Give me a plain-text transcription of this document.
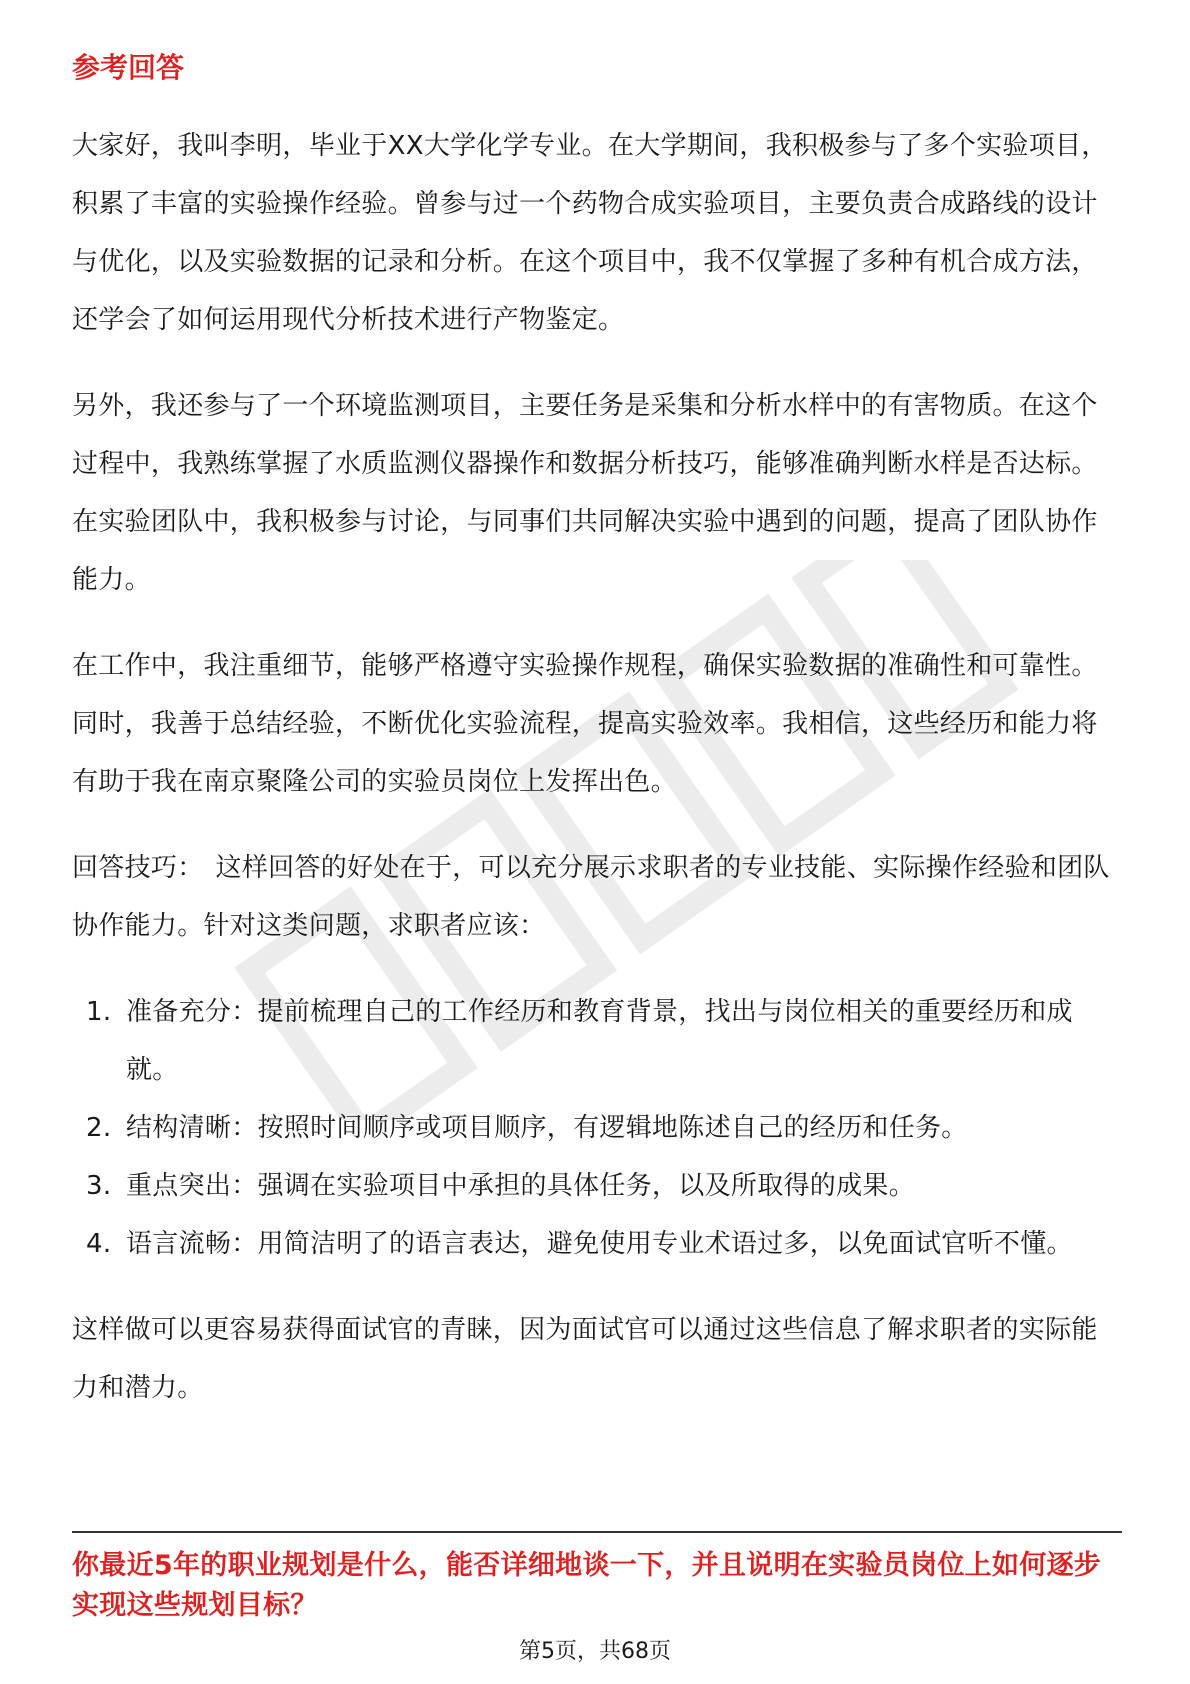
参考回答

大家好，我叫李明，毕业于XX大学化学专业。在大学期间，我积极参与了多个实验项目，积累了丰富的实验操作经验。曾参与过一个药物合成实验项目，主要负责合成路线的设计与优化，以及实验数据的记录和分析。在这个项目中，我不仅掌握了多种有机合成方法，还学会了如何运用现代分析技术进行产物鉴定。

另外，我还参与了一个环境监测项目，主要任务是采集和分析水样中的有害物质。在这个过程中，我熟练掌握了水质监测仪器操作和数据分析技巧，能够准确判断水样是否达标。在实验团队中，我积极参与讨论，与同事们共同解决实验中遇到的问题，提高了团队协作能力。

在工作中，我注重细节，能够严格遵守实验操作规程，确保实验数据的准确性和可靠性。同时，我善于总结经验，不断优化实验流程，提高实验效率。我相信，这些经历和能力将有助于我在南京聚隆公司的实验员岗位上发挥出色。

回答技巧： 这样回答的好处在于，可以充分展示求职者的专业技能、实际操作经验和团队协作能力。针对这类问题，求职者应该：

1. 准备充分：提前梳理自己的工作经历和教育背景，找出与岗位相关的重要经历和成就。
2. 结构清晰：按照时间顺序或项目顺序，有逻辑地陈述自己的经历和任务。
3. 重点突出：强调在实验项目中承担的具体任务，以及所取得的成果。
4. 语言流畅：用简洁明了的语言表达，避免使用专业术语过多，以免面试官听不懂。

这样做可以更容易获得面试官的青睐，因为面试官可以通过这些信息了解求职者的实际能力和潜力。

你最近5年的职业规划是什么，能否详细地谈一下，并且说明在实验员岗位上如何逐步实现这些规划目标？
第5页，共68页
